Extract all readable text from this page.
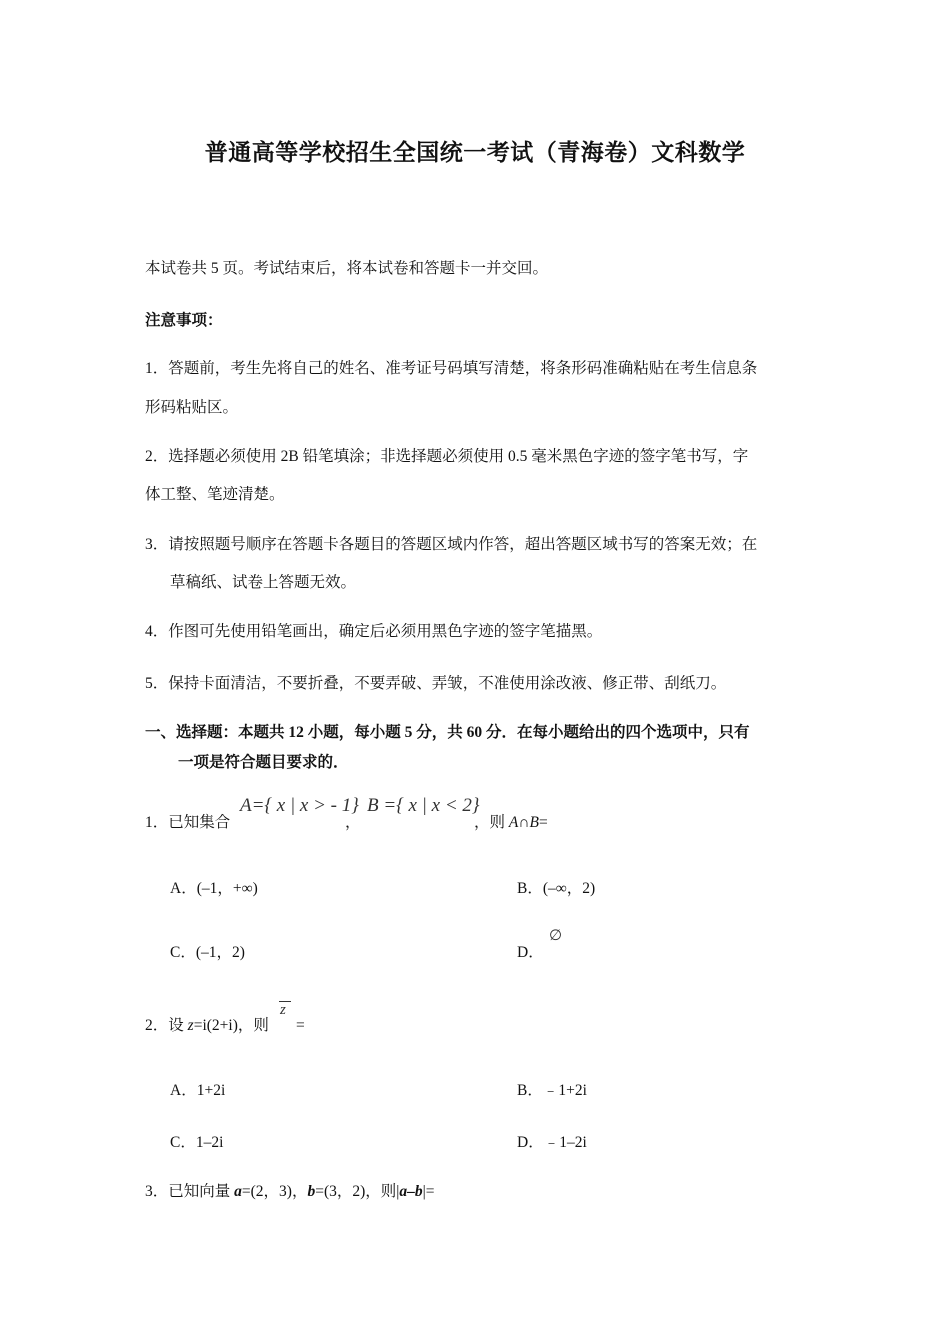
普通高等学校招生全国统一考试（青海卷）文科数学
本试卷共 5 页。考试结束后，将本试卷和答题卡一并交回。
注意事项：
1．答题前，考生先将自己的姓名、准考证号码填写清楚，将条形码准确粘贴在考生信息条
形码粘贴区。
2．选择题必须使用 2B 铅笔填涂；非选择题必须使用 0.5 毫米黑色字迹的签字笔书写，字
体工整、笔迹清楚。
3．请按照题号顺序在答题卡各题目的答题区域内作答，超出答题区域书写的答案无效；在
草稿纸、试卷上答题无效。
4．作图可先使用铅笔画出，确定后必须用黑色字迹的签字笔描黑。
5．保持卡面清洁，不要折叠，不要弄破、弄皱，不准使用涂改液、修正带、刮纸刀。
一、选择题：本题共 12 小题，每小题 5 分，共 60 分．在每小题给出的四个选项中，只有
一项是符合题目要求的．
1．已知集合
A={ x | x > - 1}
，
B ={ x | x < 2}
，则 A∩B=
A．(–1，+∞)	B．(–∞，2)
C．(–1，2)	D．
∅
2．设 z=i(2+i)，则
z
=
A．1+2i	B．﹣1+2i
C．1–2i	D．﹣1–2i
3．已知向量 a=(2，3)，b=(3，2)，则|a–b|=
